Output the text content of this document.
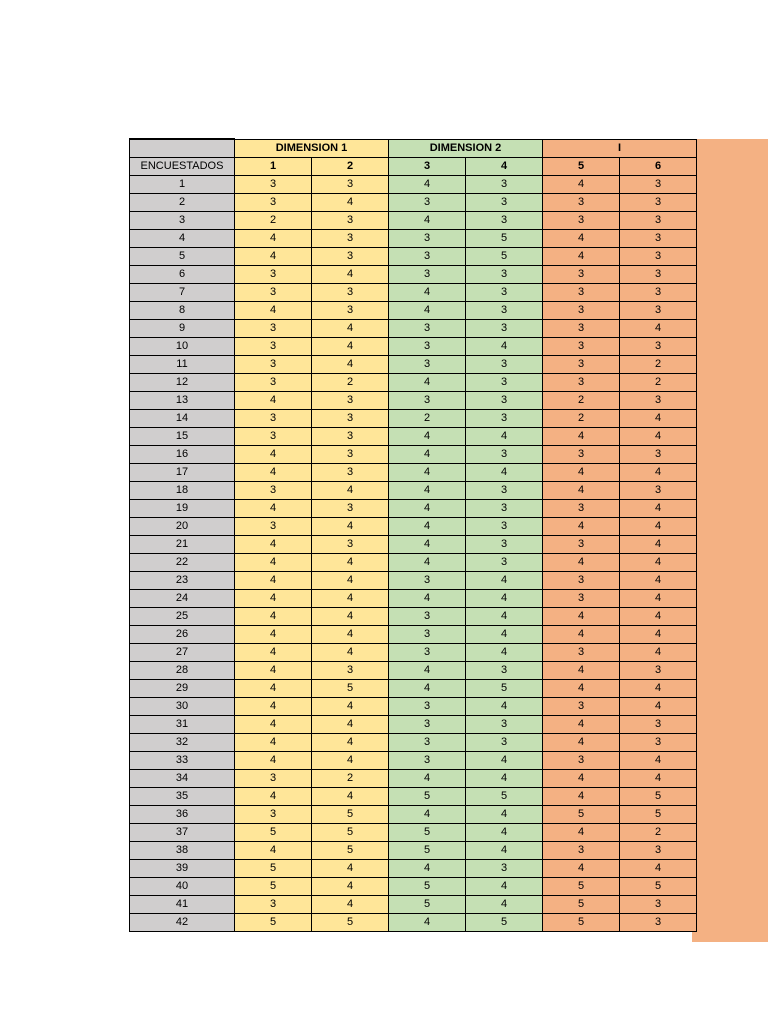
	DIMENSION 1		DIMENSION 2		I	
ENCUESTADOS	1	2	3	4	5	6
1	3	3	4	3	4	3
2	3	4	3	3	3	3
3	2	3	4	3	3	3
4	4	3	3	5	4	3
5	4	3	3	5	4	3
6	3	4	3	3	3	3
7	3	3	4	3	3	3
8	4	3	4	3	3	3
9	3	4	3	3	3	4
10	3	4	3	4	3	3
11	3	4	3	3	3	2
12	3	2	4	3	3	2
13	4	3	3	3	2	3
14	3	3	2	3	2	4
15	3	3	4	4	4	4
16	4	3	4	3	3	3
17	4	3	4	4	4	4
18	3	4	4	3	4	3
19	4	3	4	3	3	4
20	3	4	4	3	4	4
21	4	3	4	3	3	4
22	4	4	4	3	4	4
23	4	4	3	4	3	4
24	4	4	4	4	3	4
25	4	4	3	4	4	4
26	4	4	3	4	4	4
27	4	4	3	4	3	4
28	4	3	4	3	4	3
29	4	5	4	5	4	4
30	4	4	3	4	3	4
31	4	4	3	3	4	3
32	4	4	3	3	4	3
33	4	4	3	4	3	4
34	3	2	4	4	4	4
35	4	4	5	5	4	5
36	3	5	4	4	5	5
37	5	5	5	4	4	2
38	4	5	5	4	3	3
39	5	4	4	3	4	4
40	5	4	5	4	5	5
41	3	4	5	4	5	3
42	5	5	4	5	5	3
